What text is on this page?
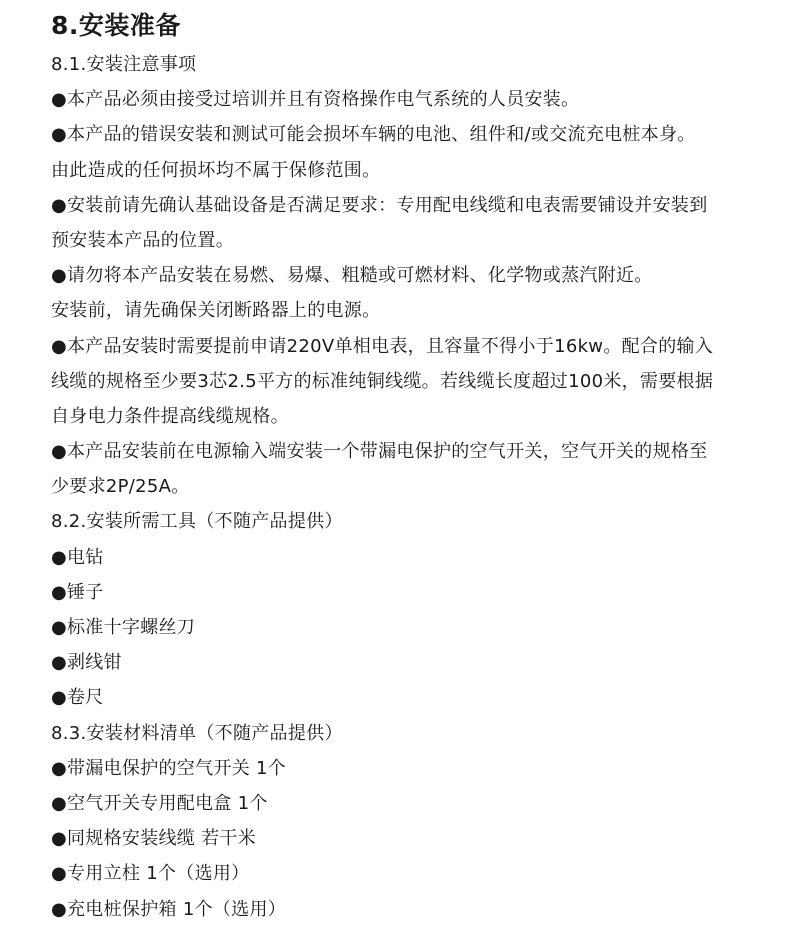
8.安装准备
8.1.安装注意事项
●本产品必须由接受过培训并且有资格操作电气系统的人员安装。
●本产品的错误安装和测试可能会损坏车辆的电池、组件和/或交流充电桩本身。
由此造成的任何损坏均不属于保修范围。
●安装前请先确认基础设备是否满足要求：专用配电线缆和电表需要铺设并安装到
预安装本产品的位置。
●请勿将本产品安装在易燃、易爆、粗糙或可燃材料、化学物或蒸汽附近。
安装前，请先确保关闭断路器上的电源。
●本产品安装时需要提前申请220V单相电表，且容量不得小于16kw。配合的输入
线缆的规格至少要3芯2.5平方的标准纯铜线缆。若线缆长度超过100米，需要根据
自身电力条件提高线缆规格。
●本产品安装前在电源输入端安装一个带漏电保护的空气开关，空气开关的规格至
少要求2P/25A。
8.2.安装所需工具（不随产品提供）
●电钻
●锤子
●标准十字螺丝刀
●剥线钳
●卷尺
8.3.安装材料清单（不随产品提供）
●带漏电保护的空气开关 1个
●空气开关专用配电盒 1个
●同规格安装线缆 若干米
●专用立柱 1个（选用）
●充电桩保护箱 1个（选用）
